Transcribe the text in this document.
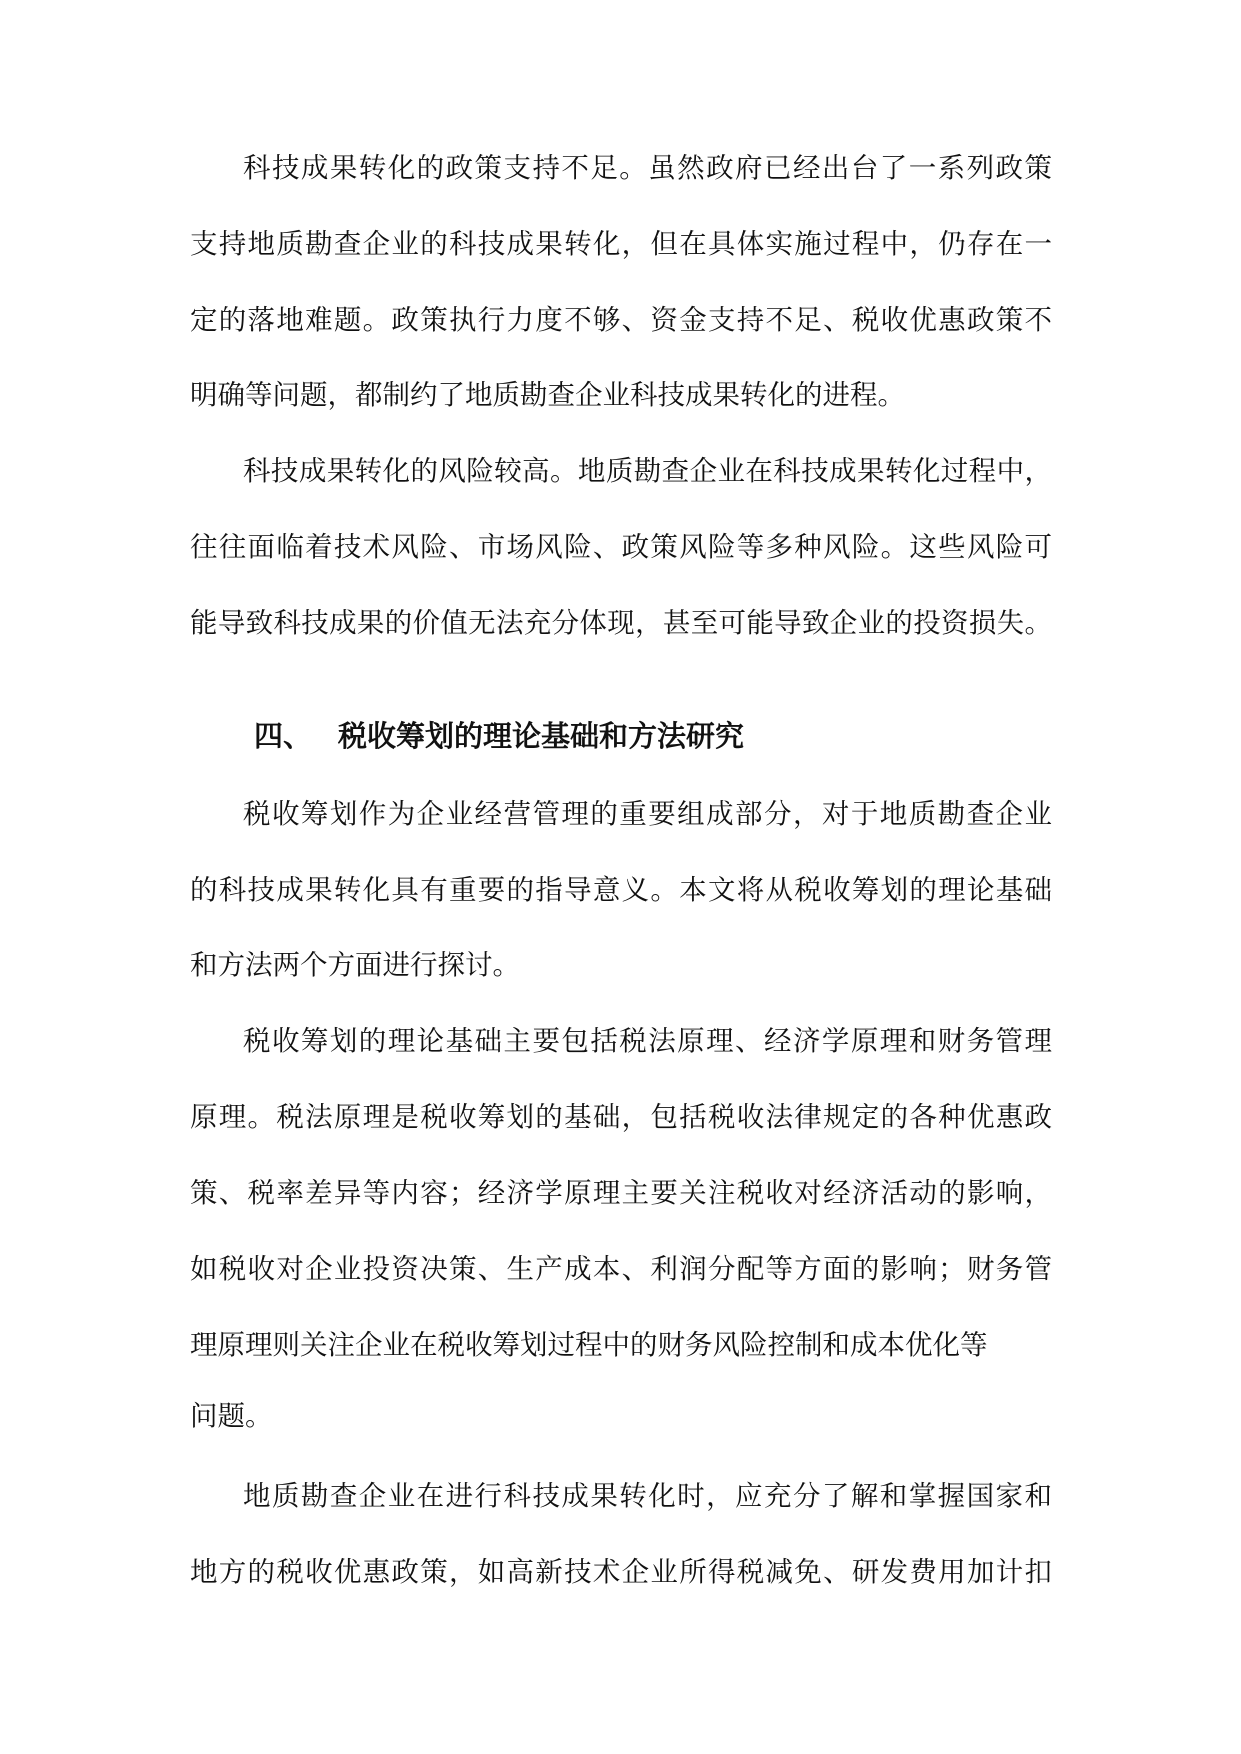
科技成果转化的政策支持不足。虽然政府已经出台了一系列政策
支持地质勘查企业的科技成果转化，但在具体实施过程中，仍存在一
定的落地难题。政策执行力度不够、资金支持不足、税收优惠政策不
明确等问题，都制约了地质勘查企业科技成果转化的进程。
科技成果转化的风险较高。地质勘查企业在科技成果转化过程中，
往往面临着技术风险、市场风险、政策风险等多种风险。这些风险可
能导致科技成果的价值无法充分体现，甚至可能导致企业的投资损失。
四、 税收筹划的理论基础和方法研究
税收筹划作为企业经营管理的重要组成部分，对于地质勘查企业
的科技成果转化具有重要的指导意义。本文将从税收筹划的理论基础
和方法两个方面进行探讨。
税收筹划的理论基础主要包括税法原理、经济学原理和财务管理
原理。税法原理是税收筹划的基础，包括税收法律规定的各种优惠政
策、税率差异等内容；经济学原理主要关注税收对经济活动的影响，
如税收对企业投资决策、生产成本、利润分配等方面的影响；财务管
理原理则关注企业在税收筹划过程中的财务风险控制和成本优化等
问题。
地质勘查企业在进行科技成果转化时，应充分了解和掌握国家和
地方的税收优惠政策，如高新技术企业所得税减免、研发费用加计扣
